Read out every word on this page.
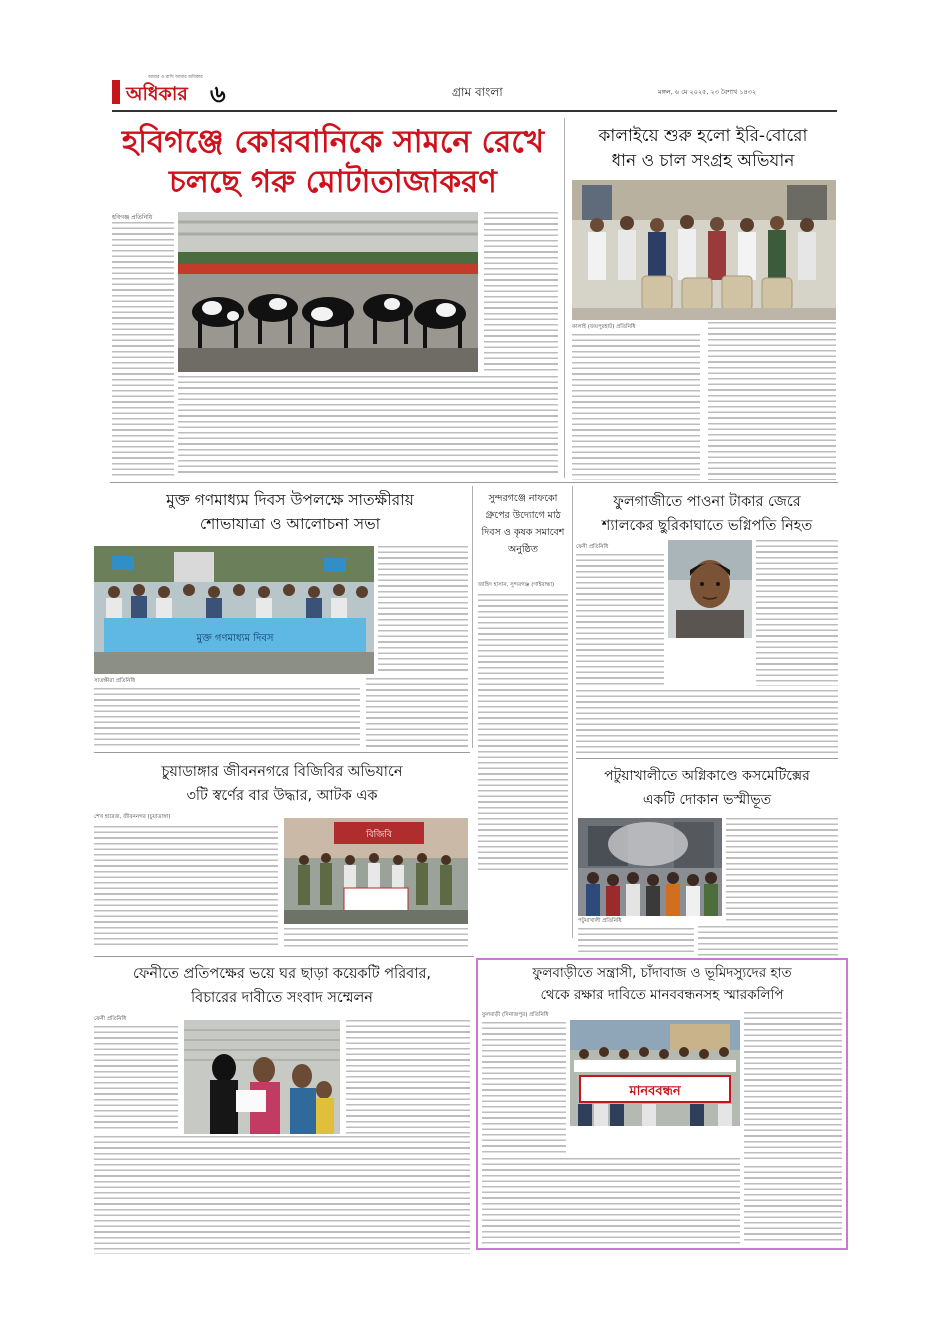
অধিকার
আমার ও রাখি আমার অধিকার
৬	গ্রাম বাংলা	মঙ্গল, ৬ মে ২০২৫, ২৩ বৈশাখ ১৪৩২
হবিগঞ্জে কোরবানিকে সামনে রেখে
চলছে গরু মোটাতাজাকরণ
হবিগঞ্জ প্রতিনিধি
কালাইয়ে শুরু হলো ইরি-বোরো
ধান ও চাল সংগ্রহ অভিযান
কালাই (জয়পুরহাট) প্রতিনিধি
মুক্ত গণমাধ্যম দিবস উপলক্ষে সাতক্ষীরায়
শোভাযাত্রা ও আলোচনা সভা
মুক্ত গণমাধ্যম দিবস
সাতক্ষীরা প্রতিনিধি
সুন্দরগঞ্জে নাফকো গ্রুপের উদ্যোগে মাঠ দিবস ও কৃষক সমাবেশ অনুষ্ঠিত
জাহিদ হাসান, সুন্দরগঞ্জ (গাইবান্ধা)
ফুলগাজীতে পাওনা টাকার জেরে
শ্যালকের ছুরিকাঘাতে ভগ্নিপতি নিহত
ফেনী প্রতিনিধি
পটুয়াখালীতে অগ্নিকাণ্ডে কসমেটিক্সের
একটি দোকান ভস্মীভূত
পটুয়াখালী প্রতিনিধি
চুয়াডাঙ্গার জীবননগরে বিজিবির অভিযানে
৩টি স্বর্ণের বার উদ্ধার, আটক এক
শেখ হারেজ, জীবননগর (চুয়াডাঙ্গা)
বিজিবি
ফেনীতে প্রতিপক্ষের ভয়ে ঘর ছাড়া কয়েকটি পরিবার,
বিচারের দাবীতে সংবাদ সম্মেলন
ফেনী প্রতিনিধি
ফুলবাড়ীতে সন্ত্রাসী, চাঁদাবাজ ও ভূমিদস্যুদের হাত
থেকে রক্ষার দাবিতে মানববন্ধনসহ স্মারকলিপি
ফুলবাড়ী (দিনাজপুর) প্রতিনিধি
মানববন্ধন
